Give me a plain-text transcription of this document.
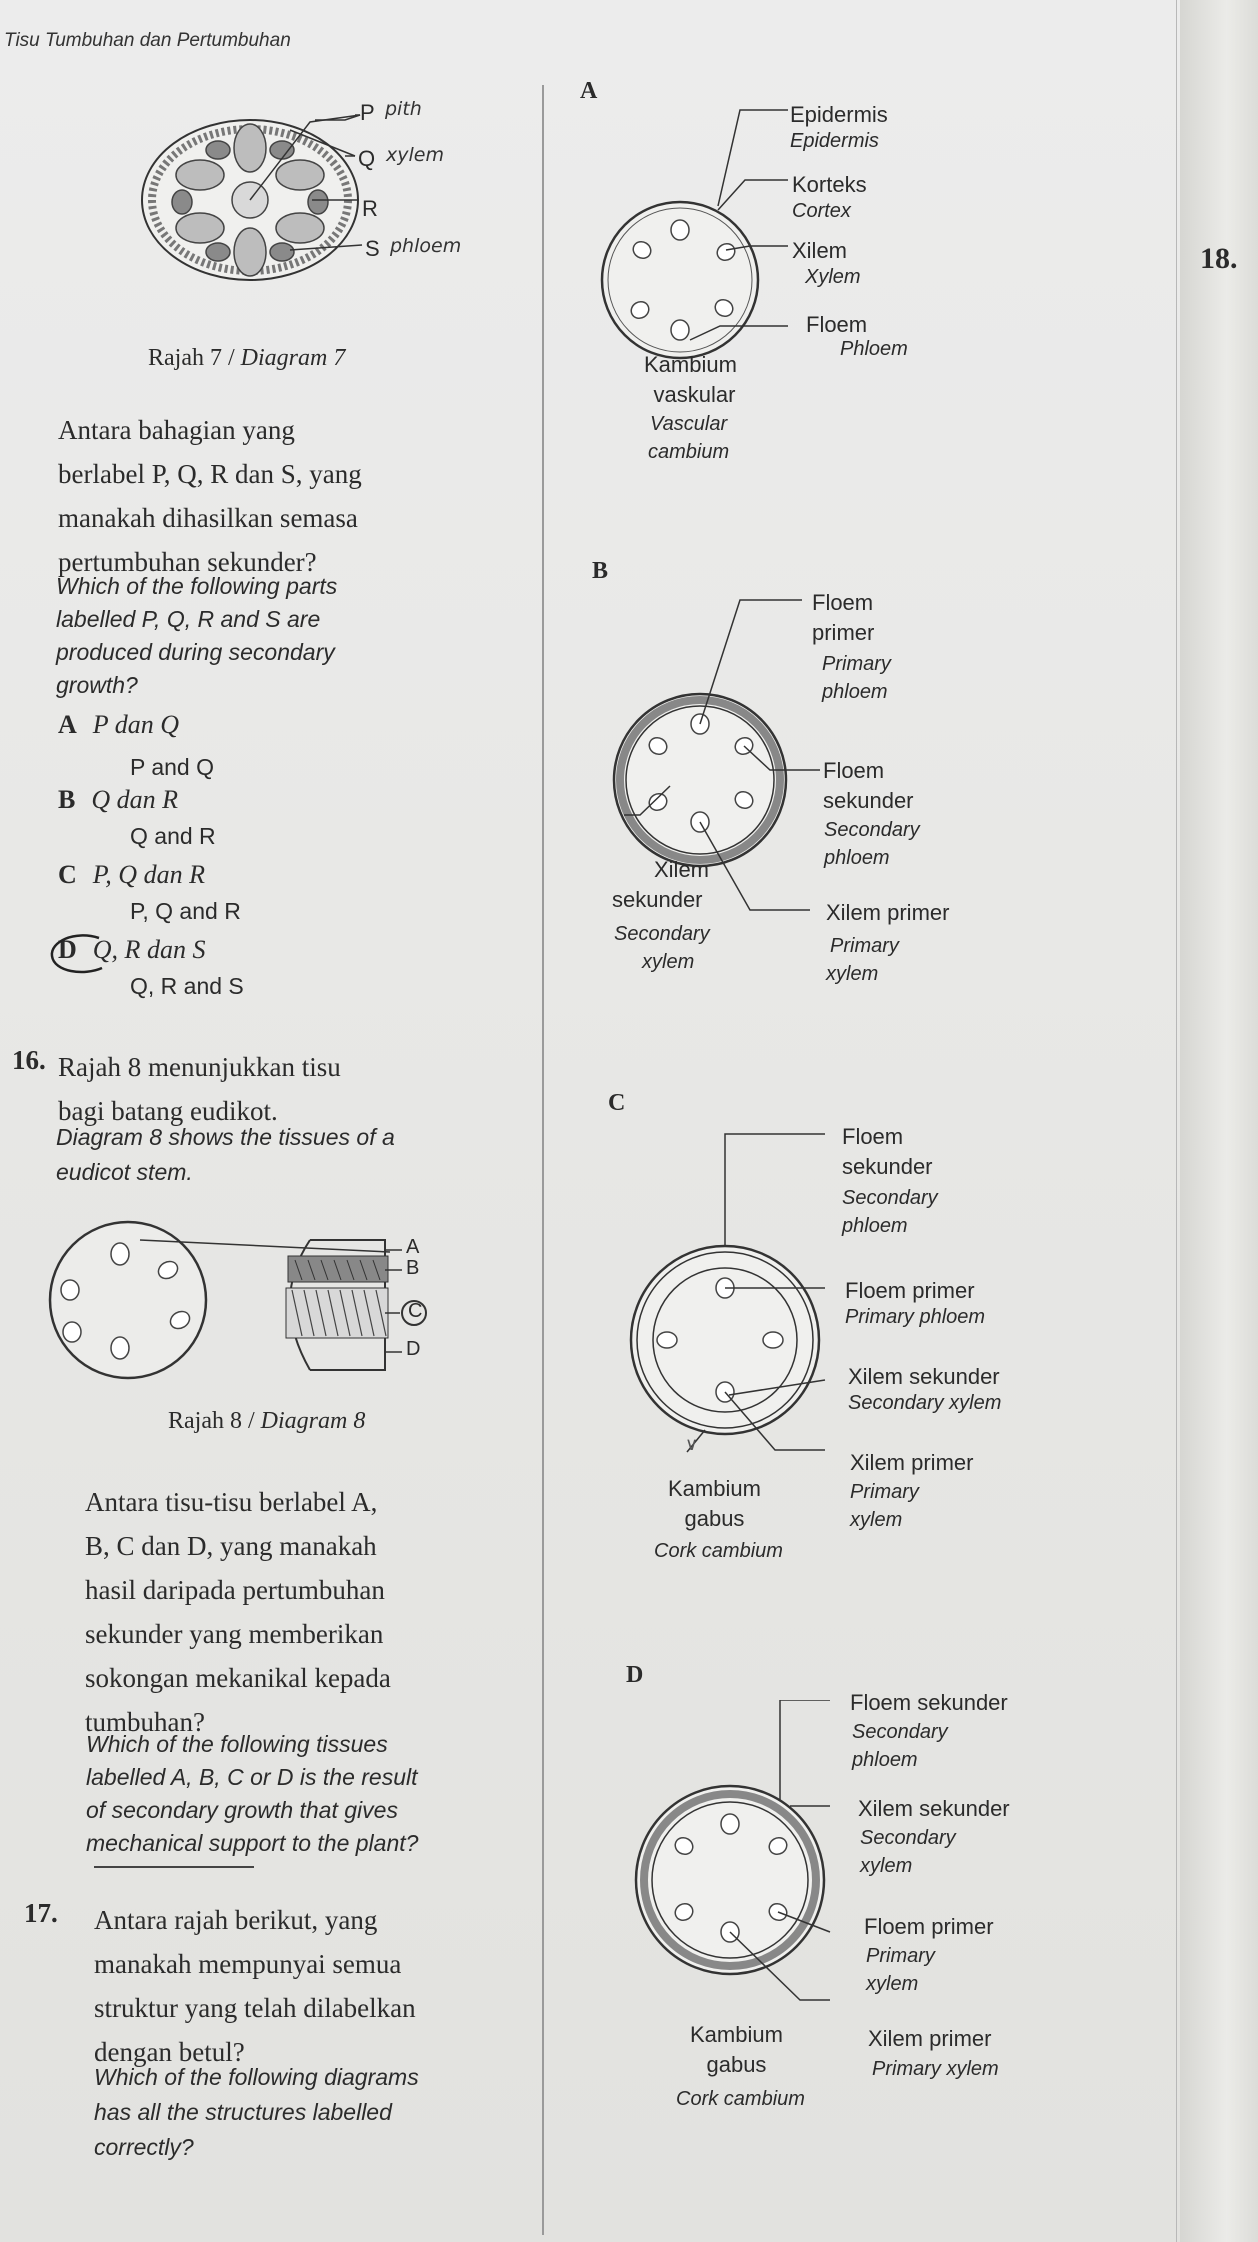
Tisu Tumbuhan dan Pertumbuhan
18.
P pith
Q xylem
R
S phloem
Rajah 7 / Diagram 7
Antara bahagian yang
berlabel P, Q, R dan S, yang
manakah dihasilkan semasa
pertumbuhan sekunder?
Which of the following parts
labelled P, Q, R and S are
produced during secondary
growth?
A P dan Q
P and Q
B Q dan R
Q and R
C P, Q dan R
P, Q and R
D Q, R dan S
Q, R and S
16. Rajah 8 menunjukkan tisu
bagi batang eudikot.
Diagram 8 shows the tissues of a
eudicot stem.
A
B
C
D
Rajah 8 / Diagram 8
Antara tisu-tisu berlabel A,
B, C dan D, yang manakah
hasil daripada pertumbuhan
sekunder yang memberikan
sokongan mekanikal kepada
tumbuhan?
Which of the following tissues
labelled A, B, C or D is the result
of secondary growth that gives
mechanical support to the plant?
17. Antara rajah berikut, yang
manakah mempunyai semua
struktur yang telah dilabelkan
dengan betul?
Which of the following diagrams
has all the structures labelled
correctly?
A
Epidermis
Epidermis
Korteks
Cortex
Xilem
Xylem
Floem
Phloem
Kambium
vaskular
Vascular
cambium
B
Floem
primer
Primary
phloem
Floem
sekunder
Secondary
phloem
Xilem
sekunder
Secondary
xylem
Xilem primer
Primary
xylem
C
∨
Floem
sekunder
Secondary
phloem
Floem primer
Primary phloem
Xilem sekunder
Secondary xylem
Xilem primer
Primary
xylem
Kambium
gabus
Cork cambium
D
Floem sekunder
Secondary
phloem
Xilem sekunder
Secondary
xylem
Floem primer
Primary
xylem
Kambium
gabus
Cork cambium
Xilem primer
Primary xylem
